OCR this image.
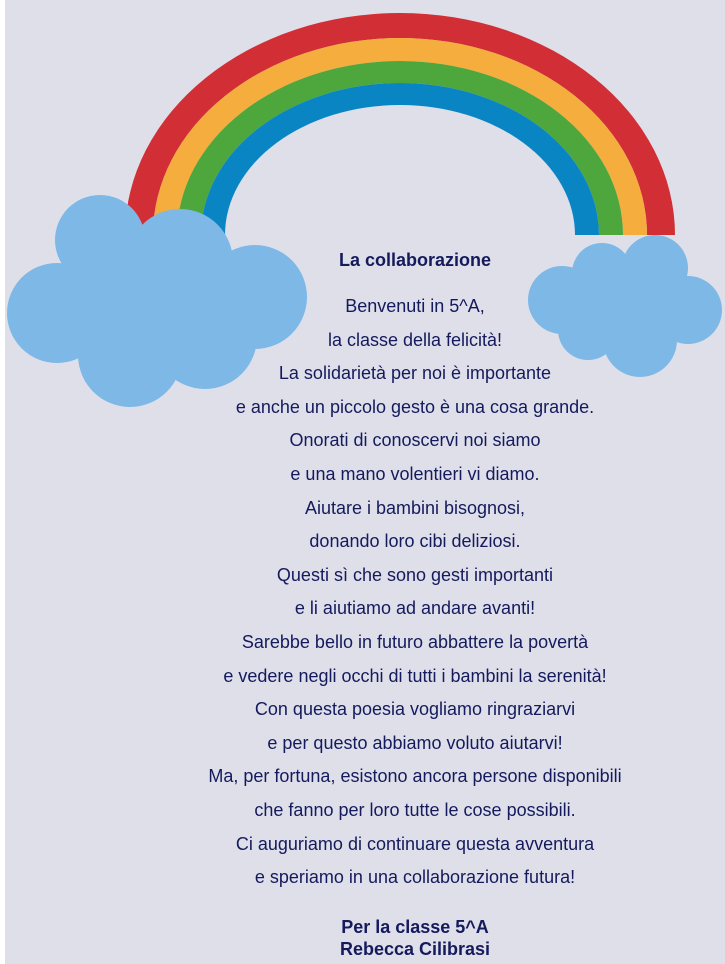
La collaborazione
Benvenuti in 5^A,
la classe della felicità!
La solidarietà per noi è importante
e anche un piccolo gesto è una cosa grande.
Onorati di conoscervi noi siamo
e una mano volentieri vi diamo.
Aiutare i bambini bisognosi,
donando loro cibi deliziosi.
Questi sì che sono gesti importanti
e li aiutiamo ad andare avanti!
Sarebbe bello in futuro abbattere la povertà
e vedere negli occhi di tutti i bambini la serenità!
Con questa poesia vogliamo ringraziarvi
e per questo abbiamo voluto aiutarvi!
Ma, per fortuna, esistono ancora persone disponibili
che fanno per loro tutte le cose possibili.
Ci auguriamo di continuare questa avventura
e speriamo in una collaborazione futura!
Per la classe 5^A
Rebecca Cilibrasi
